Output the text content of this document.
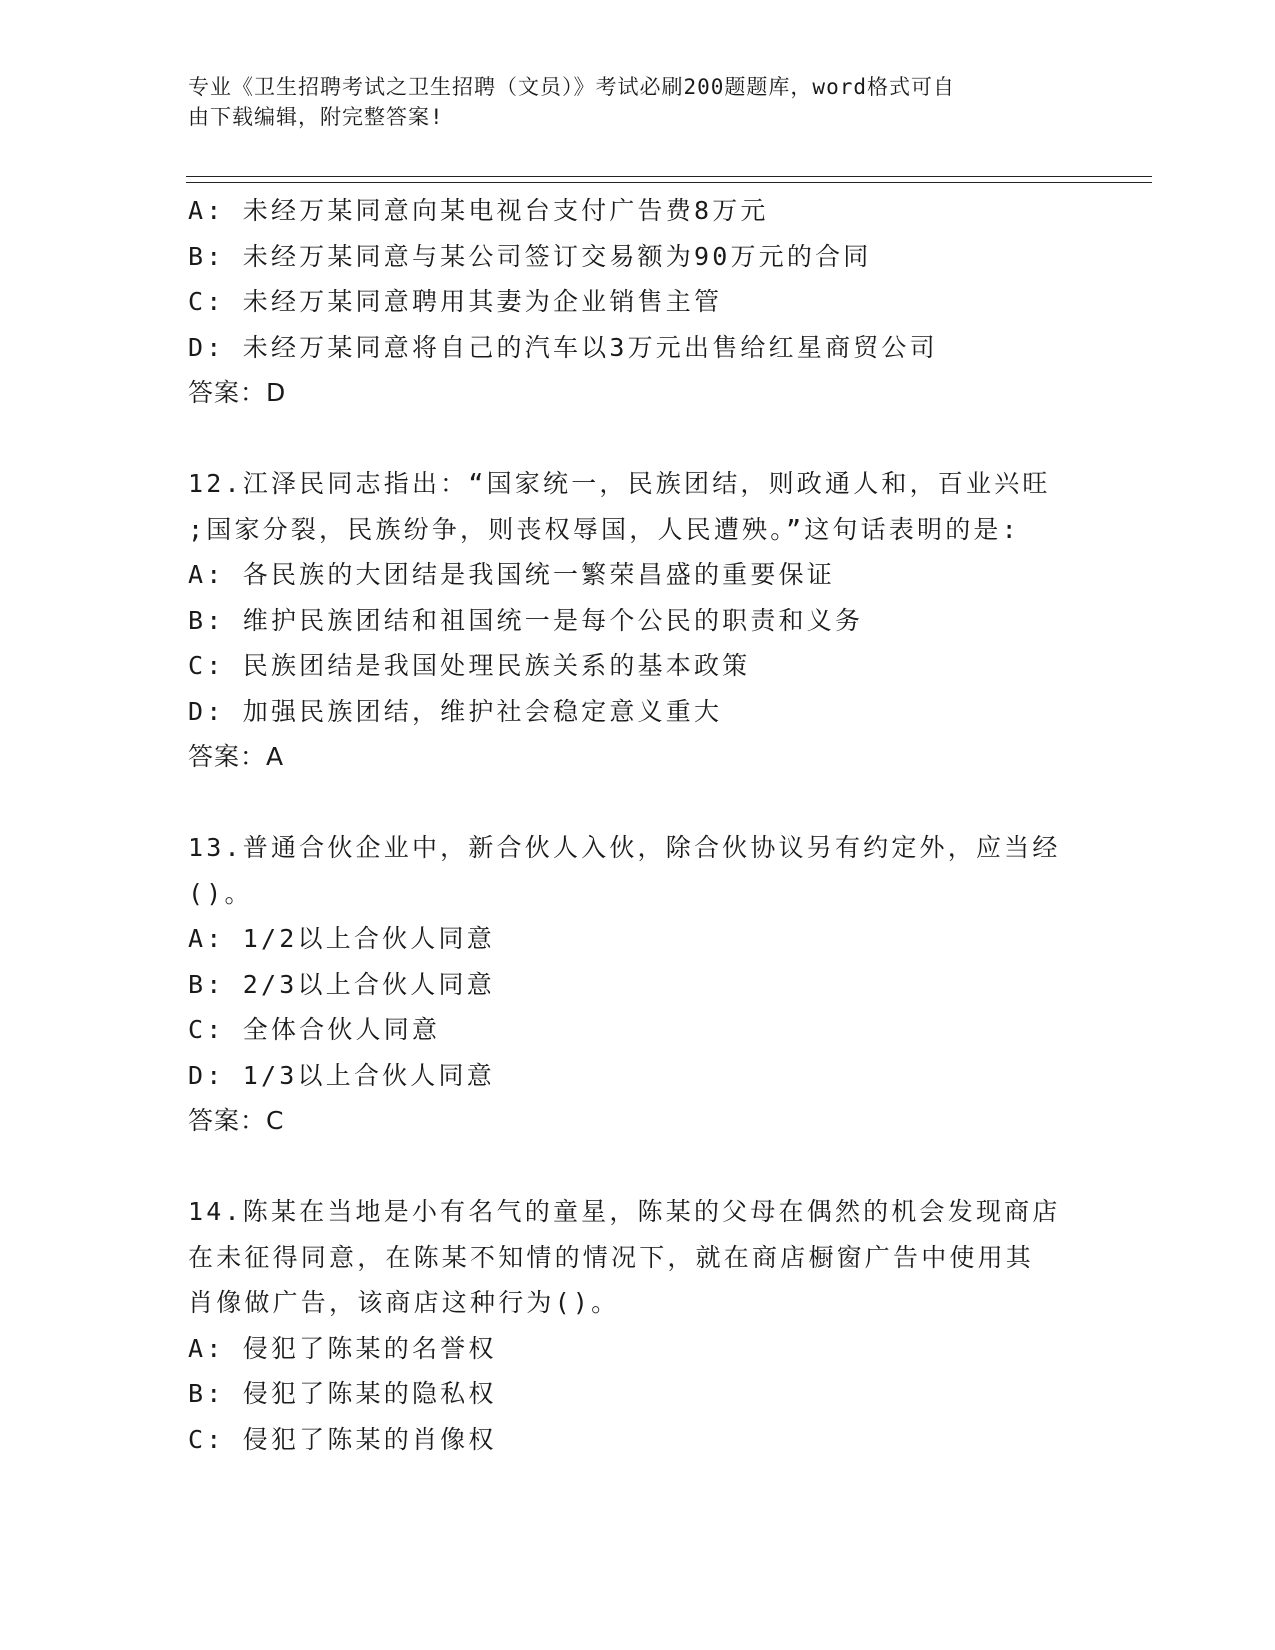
专业《卫生招聘考试之卫生招聘（文员）》考试必刷200题题库，word格式可自
由下载编辑，附完整答案!
A: 未经万某同意向某电视台支付广告费8万元
B: 未经万某同意与某公司签订交易额为90万元的合同
C: 未经万某同意聘用其妻为企业销售主管
D: 未经万某同意将自己的汽车以3万元出售给红星商贸公司
答案：D
12.江泽民同志指出：“国家统一，民族团结，则政通人和，百业兴旺
;国家分裂，民族纷争，则丧权辱国，人民遭殃。”这句话表明的是:
A: 各民族的大团结是我国统一繁荣昌盛的重要保证
B: 维护民族团结和祖国统一是每个公民的职责和义务
C: 民族团结是我国处理民族关系的基本政策
D: 加强民族团结，维护社会稳定意义重大
答案：A
13.普通合伙企业中，新合伙人入伙，除合伙协议另有约定外，应当经
()。
A: 1/2以上合伙人同意
B: 2/3以上合伙人同意
C: 全体合伙人同意
D: 1/3以上合伙人同意
答案：C
14.陈某在当地是小有名气的童星，陈某的父母在偶然的机会发现商店
在未征得同意，在陈某不知情的情况下，就在商店橱窗广告中使用其
肖像做广告，该商店这种行为()。
A: 侵犯了陈某的名誉权
B: 侵犯了陈某的隐私权
C: 侵犯了陈某的肖像权
